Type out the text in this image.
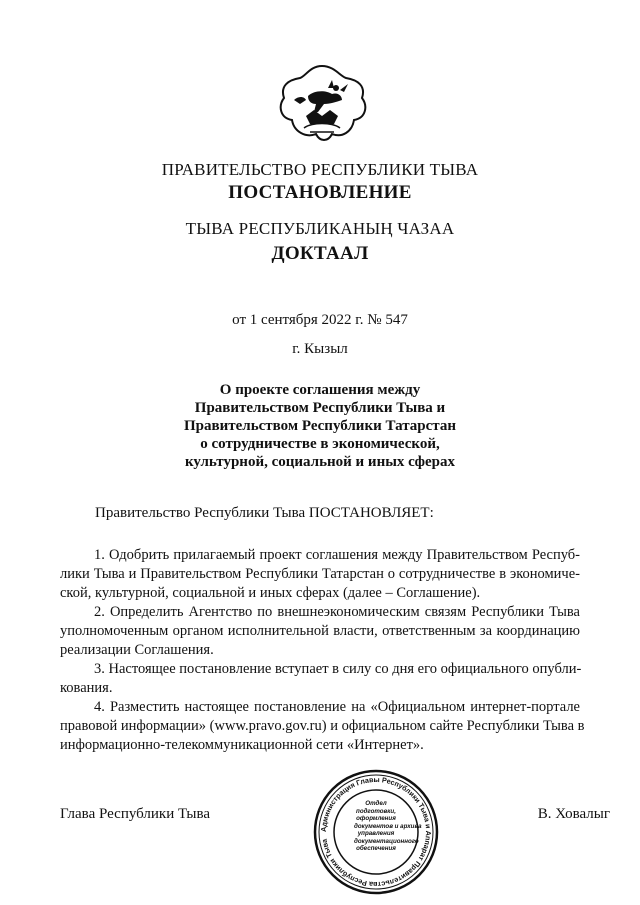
ПРАВИТЕЛЬСТВО РЕСПУБЛИКИ ТЫВА
ПОСТАНОВЛЕНИЕ
ТЫВА РЕСПУБЛИКАНЫҢ ЧАЗАА
ДОКТААЛ
от 1 сентября 2022 г. № 547
г. Кызыл
О проекте соглашения между
Правительством Республики Тыва и
Правительством Республики Татарстан
о сотрудничестве в экономической,
культурной, социальной и иных сферах
Правительство Республики Тыва ПОСТАНОВЛЯЕТ:
1. Одобрить прилагаемый проект соглашения между Правительством Респуб-
лики Тыва и Правительством Республики Татарстан о сотрудничестве в экономиче-
ской, культурной, социальной и иных сферах (далее – Соглашение).
2. Определить Агентство по внешнеэкономическим связям Республики Тыва
уполномоченным органом исполнительной власти, ответственным за координацию
реализации Соглашения.
3. Настоящее постановление вступает в силу со дня его официального опубли-
кования.
4. Разместить настоящее постановление на «Официальном интернет-портале
правовой информации» (www.pravo.gov.ru) и официальном сайте Республики Тыва в
информационно-телекоммуникационной сети «Интернет».
Глава Республики Тыва	В. Ховалыг
Администрация Главы Республики Тыва и Аппарат Правительства Республики Тыва
Отдел
подготовки,
оформления
документов и архива
управления
документационного
обеспечения
